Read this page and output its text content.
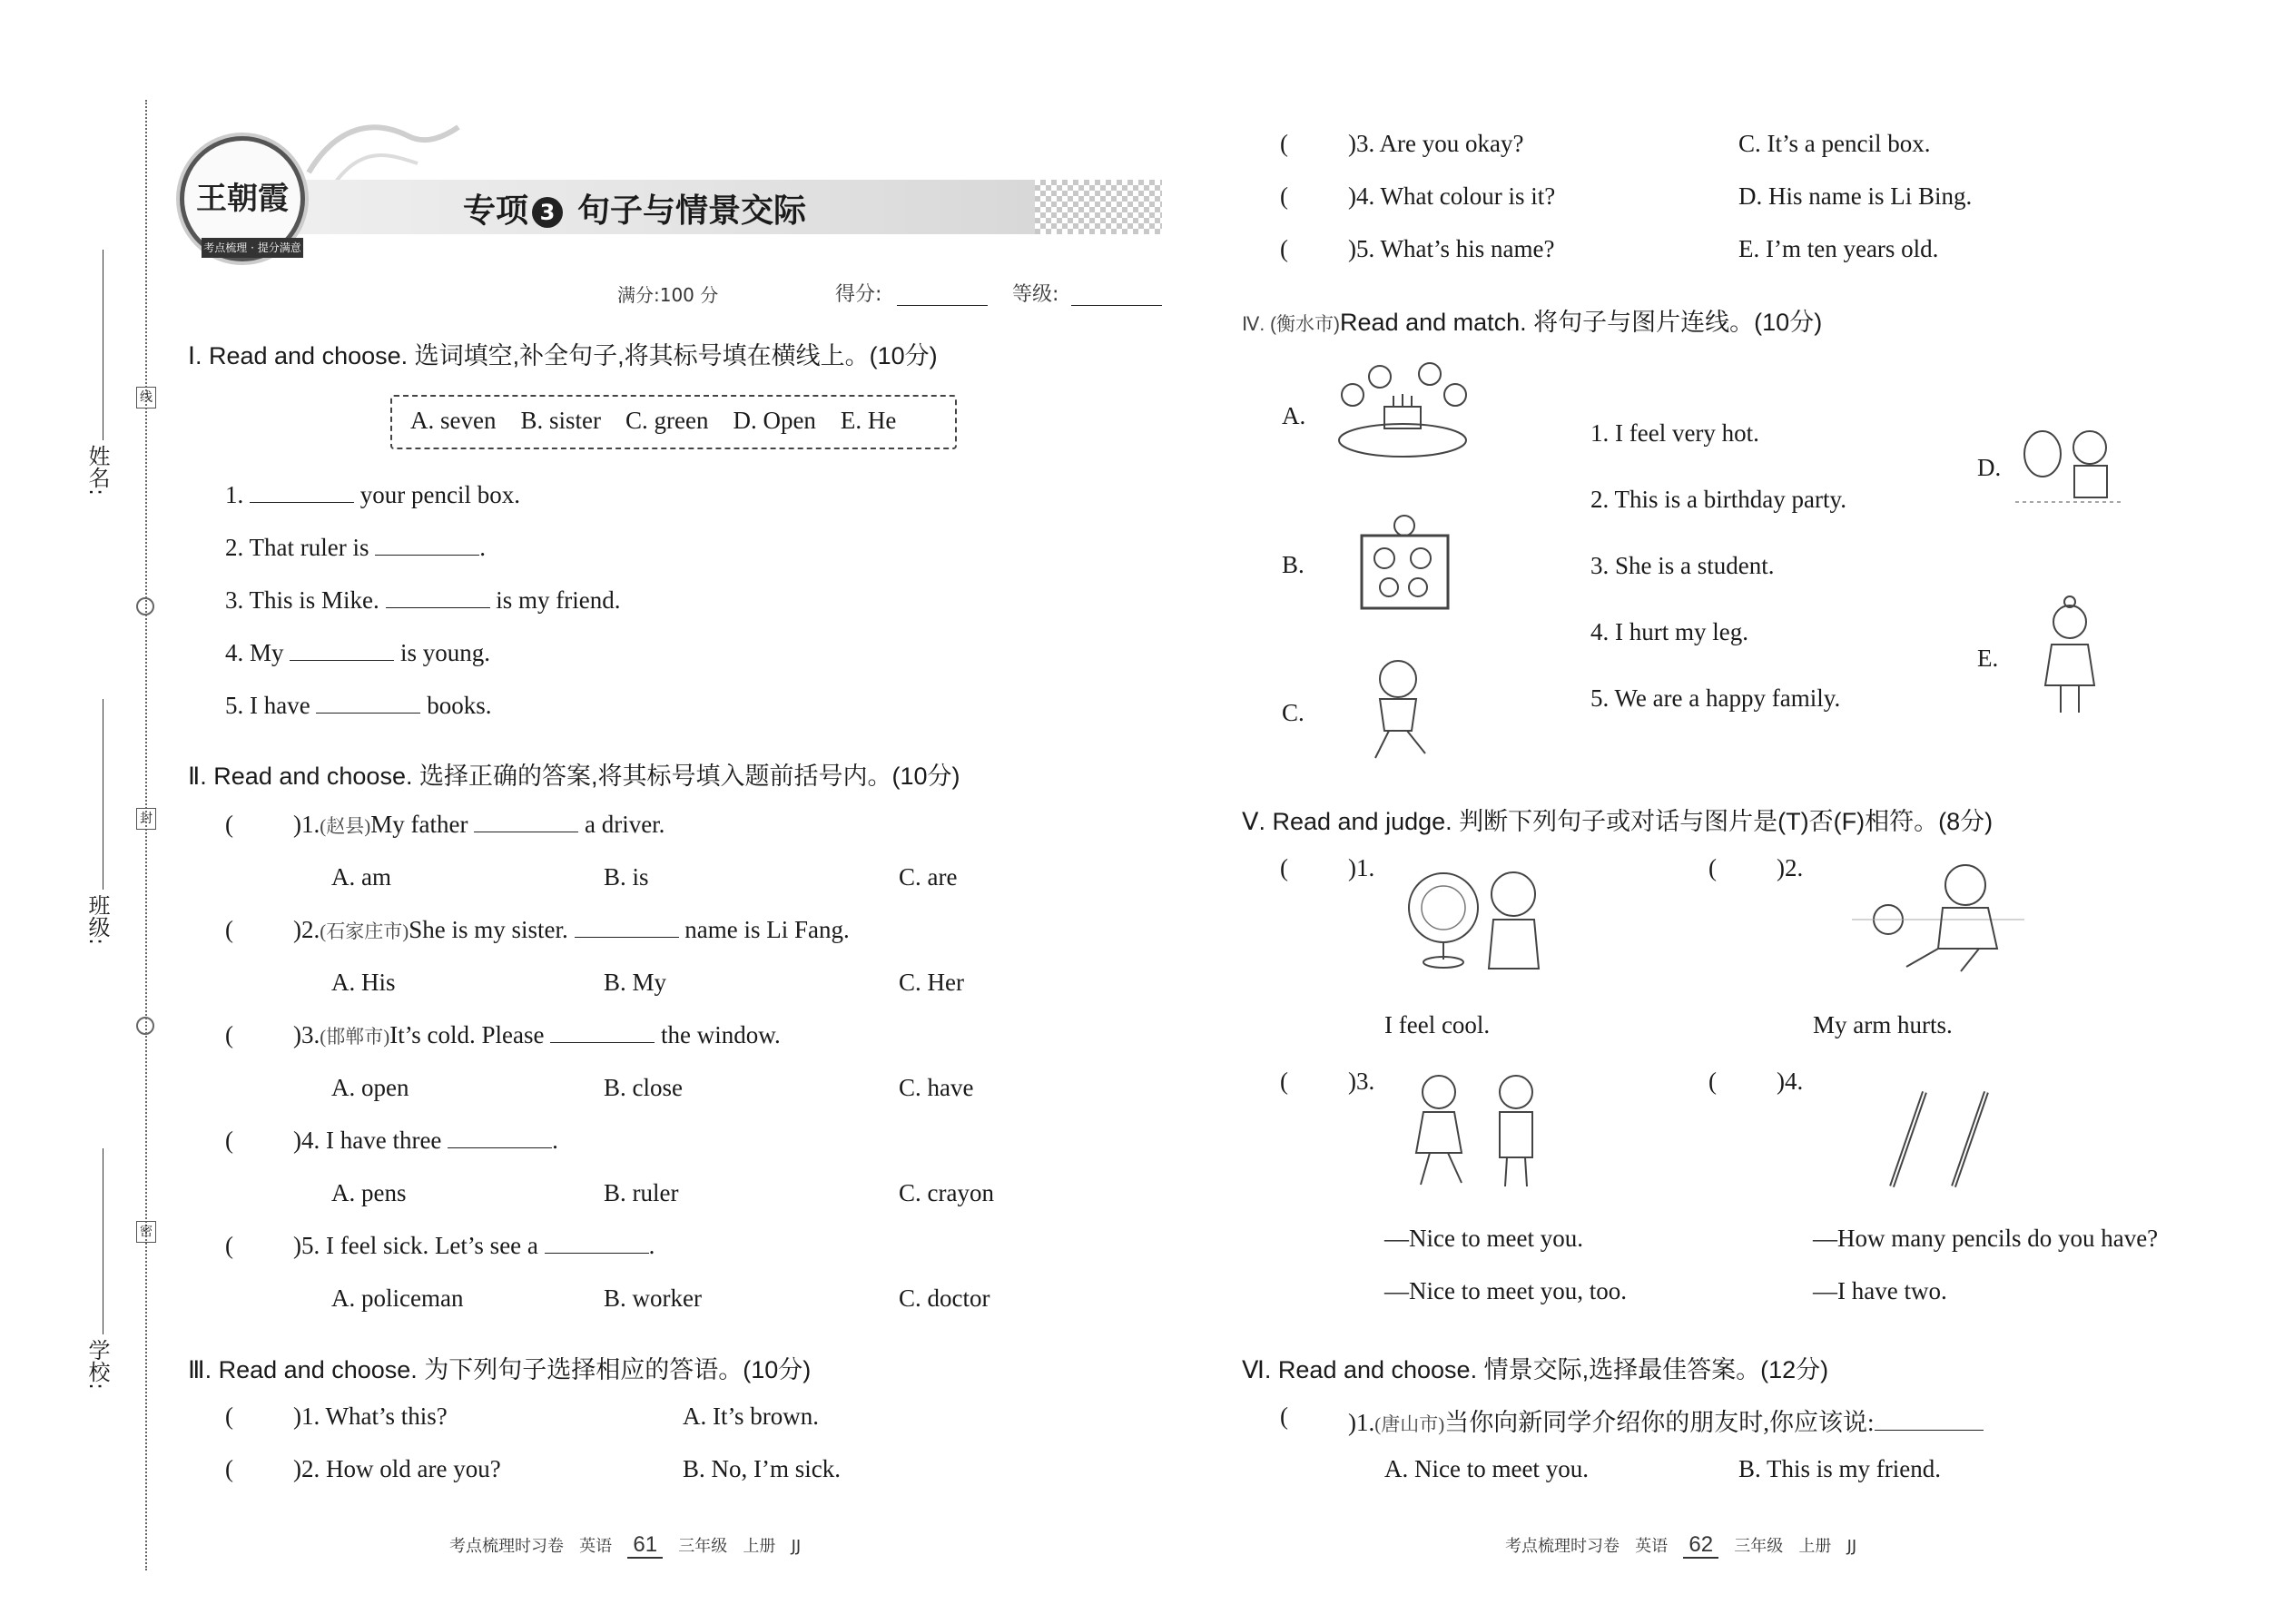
姓名:
班级:
学校:
线
封
密
王朝霞
考点梳理 · 提分满意
专项 3 句子与情景交际
满分:100 分	得分:	等级:
Ⅰ. Read and choose. 选词填空,补全句子,将其标号填在横线上。(10分)
A. seven    B. sister    C. green    D. Open    E. He
1.	your pencil box.
2. That ruler is	.
3. This is Mike.	is my friend.
4. My	is young.
5. I have	books.
Ⅱ. Read and choose. 选择正确的答案,将其标号填入题前括号内。(10分)
( )1.(赵县)My father	a driver.
A. am	B. is	C. are
( )2.(石家庄市)She is my sister.	name is Li Fang.
A. His	B. My	C. Her
( )3.(邯郸市)It’s cold. Please	the window.
A. open	B. close	C. have
( )4. I have three	.
A. pens	B. ruler	C. crayon
( )5. I feel sick. Let’s see a	.
A. policeman	B. worker	C. doctor
Ⅲ. Read and choose. 为下列句子选择相应的答语。(10分)
( )1. What’s this?	A. It’s brown.
( )2. How old are you?	B. No, I’m sick.
考点梳理时习卷 英语 61 三年级 上册 JJ
( )3. Are you okay?	C. It’s a pencil box.
( )4. What colour is it?	D. His name is Li Bing.
( )5. What’s his name?	E. I’m ten years old.
Ⅳ. (衡水市)Read and match. 将句子与图片连线。(10分)
A.
B.
C.
1. I feel very hot.
2. This is a birthday party.
3. She is a student.
4. I hurt my leg.
5. We are a happy family.
D.
E.
Ⅴ. Read and judge. 判断下列句子或对话与图片是(T)否(F)相符。(8分)
( )1.
I feel cool.
( )2.
My arm hurts.
( )3.
—Nice to meet you.
—Nice to meet you, too.
( )4.
—How many pencils do you have?
—I have two.
Ⅵ. Read and choose. 情景交际,选择最佳答案。(12分)
( )1.(唐山市)当你向新同学介绍你的朋友时,你应该说:
A. Nice to meet you.	B. This is my friend.
考点梳理时习卷 英语 62 三年级 上册 JJ
